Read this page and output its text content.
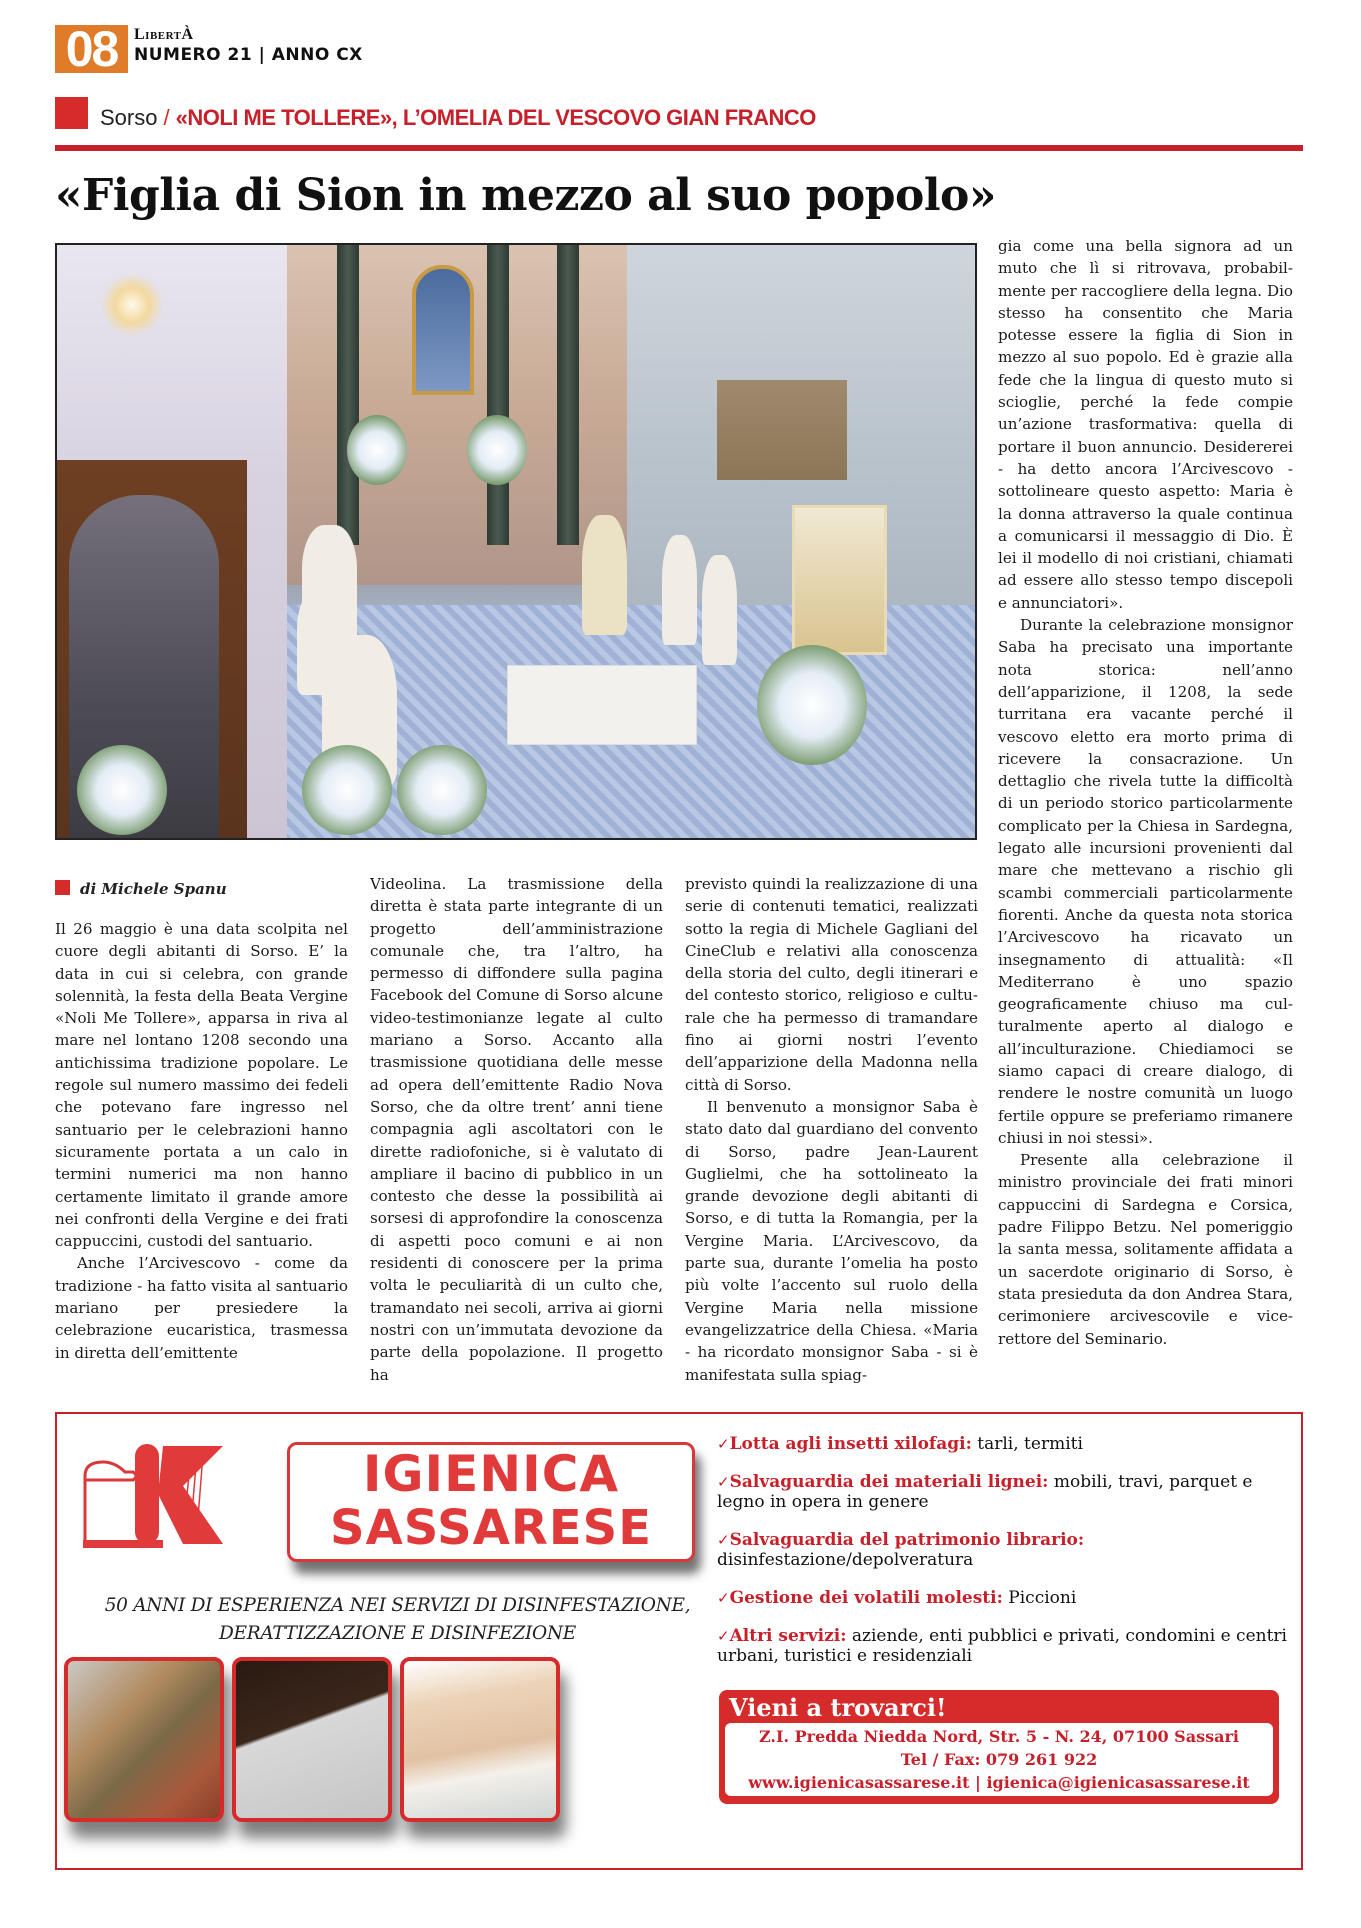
08	LibertÀ
NUMERO 21 | ANNO CX
Sorso / «NOLI ME TOLLERE», L’OMELIA DEL VESCOVO GIAN FRANCO
«Figlia di Sion in mezzo al suo popolo»
di Michele Spanu

Il 26 maggio è una data scolpita nel cuore degli abitanti di Sorso. E’ la data in cui si celebra, con grande solennità, la festa della Beata Vergine «Noli Me Tollere», apparsa in riva al mare nel lontano 1208 secondo una antichissima tradizione popolare. Le regole sul numero massimo dei fedeli che potevano fare ingresso nel santuario per le celebrazioni hanno sicuramente portata a un calo in termini numerici ma non hanno certamente limitato il grande amore nei confronti della Vergine e dei frati cappuccini, custodi del santuario.

Anche l’Arcivescovo - come da tradizione - ha fatto visita al santuario mariano per presiedere la celebrazione eucaristica, trasmessa in diretta dell’emittente

Videolina. La trasmissione della diretta è stata parte integrante di un progetto dell’amministrazione comunale che, tra l’altro, ha permesso di diffondere sulla pagina Facebook del Comune di Sorso alcune video-testimonianze legate al culto mariano a Sorso. Accanto alla trasmissione quotidiana delle messe ad opera dell’emittente Radio Nova Sorso, che da oltre trent’ anni tiene compagnia agli ascoltatori con le dirette radiofoniche, si è valutato di ampliare il bacino di pubblico in un contesto che desse la possibilità ai sorsesi di approfondire la conoscenza di aspetti poco comuni e ai non residenti di conoscere per la prima volta le peculiarità di un culto che, tramandato nei secoli, arriva ai giorni nostri con un’immutata devozione da parte della popolazione. Il progetto ha

previsto quindi la realizzazione di una serie di contenuti tematici, realizzati sotto la regia di Michele Gagliani del CineClub e relativi alla conoscenza della storia del culto, degli itinerari e del contesto storico, religioso e culturale che ha permesso di tramandare fino ai giorni nostri l’evento dell’apparizione della Madonna nella città di Sorso.

Il benvenuto a monsignor Saba è stato dato dal guardiano del convento di Sorso, padre Jean-Laurent Guglielmi, che ha sottolineato la grande devozione degli abitanti di Sorso, e di tutta la Romangia, per la Vergine Maria. L’Arcivescovo, da parte sua, durante l’omelia ha posto più volte l’accento sul ruolo della Vergine Maria nella missione evangelizzatrice della Chiesa. «Maria - ha ricordato monsignor Saba - si è manifestata sulla spiag-

gia come una bella signora ad un muto che lì si ritrovava, probabilmente per raccogliere della legna. Dio stesso ha consentito che Maria potesse essere la figlia di Sion in mezzo al suo popolo. Ed è grazie alla fede che la lingua di questo muto si scioglie, perché la fede compie un’azione trasformativa: quella di portare il buon annuncio. Desidererei - ha detto ancora l’Arcivescovo - sottolineare questo aspetto: Maria è la donna attraverso la quale continua a comunicarsi il messaggio di Dio. È lei il modello di noi cristiani, chiamati ad essere allo stesso tempo discepoli e annunciatori».

Durante la celebrazione monsignor Saba ha precisato una importante nota storica: nell’anno dell’apparizione, il 1208, la sede turritana era vacante perché il vescovo eletto era morto prima di ricevere la consacrazione. Un dettaglio che rivela tutte la difficoltà di un periodo storico particolarmente complicato per la Chiesa in Sardegna, legato alle incursioni provenienti dal mare che mettevano a rischio gli scambi commerciali particolarmente fiorenti. Anche da questa nota storica l’Arcivescovo ha ricavato un insegnamento di attualità: «Il Mediterrano è uno spazio geograficamente chiuso ma culturalmente aperto al dialogo e all’inculturazione. Chiediamoci se siamo capaci di creare dialogo, di rendere le nostre comunità un luogo fertile oppure se preferiamo rimanere chiusi in noi stessi».

Presente alla celebrazione il ministro provinciale dei frati minori cappuccini di Sardegna e Corsica, padre Filippo Betzu. Nel pomeriggio la santa messa, solitamente affidata a un sacerdote originario di Sorso, è stata presieduta da don Andrea Stara, cerimoniere arcivescovile e vice-rettore del Seminario.

IGIENICA
SASSARESE
50 ANNI DI ESPERIENZA NEI SERVIZI DI DISINFESTAZIONE,
DERATTIZZAZIONE E DISINFEZIONE
✓Lotta agli insetti xilofagi: tarli, termiti
✓Salvaguardia dei materiali lignei: mobili, travi, parquet e legno in opera in genere
✓Salvaguardia del patrimonio librario:
disinfestazione/depolveratura
✓Gestione dei volatili molesti: Piccioni
✓Altri servizi: aziende, enti pubblici e privati, condomini e centri urbani, turistici e residenziali
Vieni a trovarci!
Z.I. Predda Niedda Nord, Str. 5 - N. 24, 07100 Sassari
Tel / Fax: 079 261 922
www.igienicasassarese.it | igienica@igienicasassarese.it
